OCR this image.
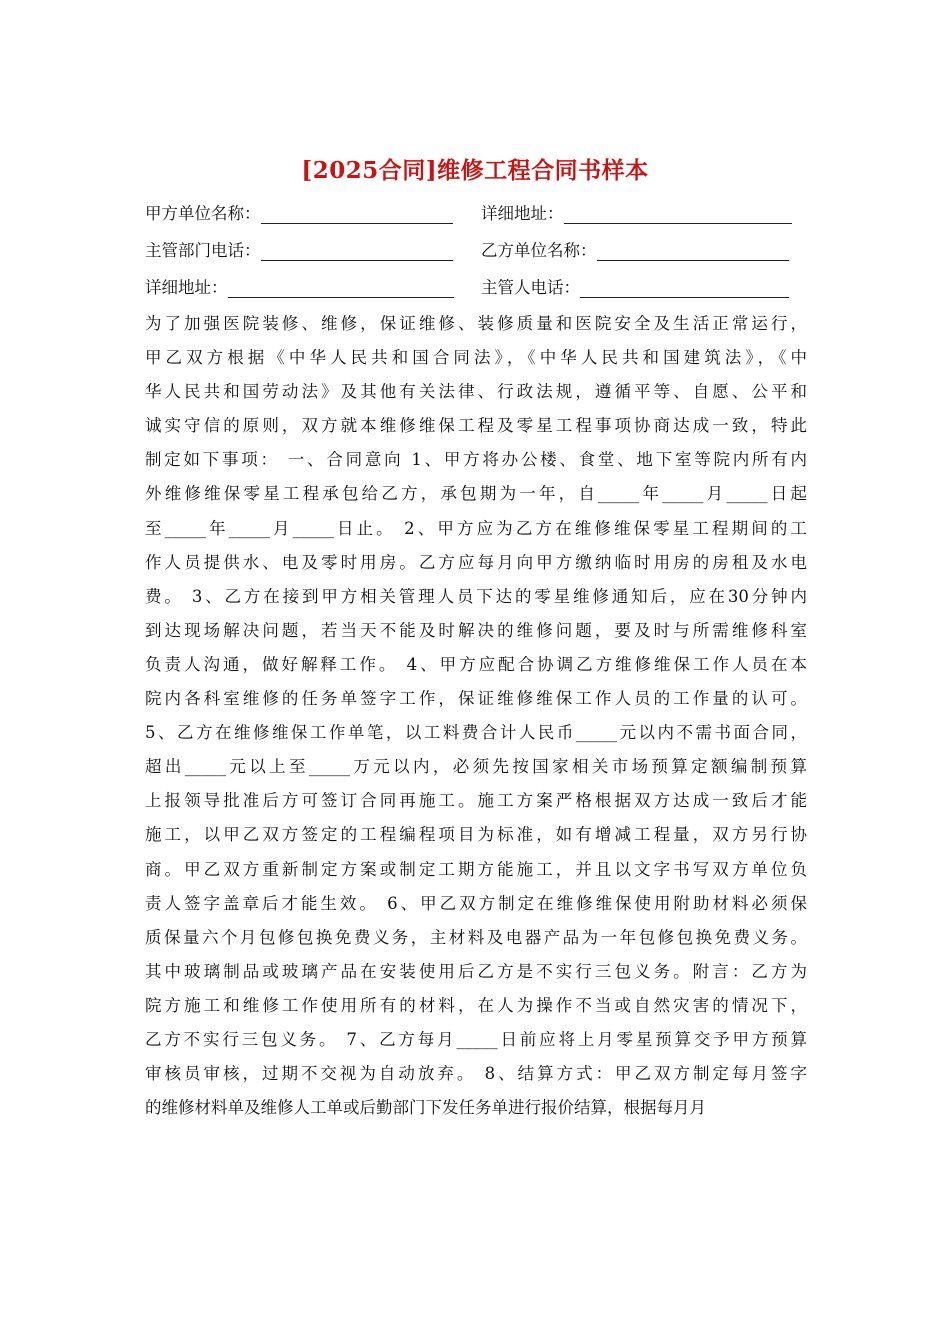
[2025合同]维修工程合同书样本
甲方单位名称：	详细地址：
主管部门电话：	乙方单位名称：
详细地址：	主管人电话：
为了加强医院装修、维修，保证维修、装修质量和医院安全及生活正常运行，
甲乙双方根据《中华人民共和国合同法》，《中华人民共和国建筑法》，《中
华人民共和国劳动法》及其他有关法律、行政法规，遵循平等、自愿、公平和
诚实守信的原则，双方就本维修维保工程及零星工程事项协商达成一致，特此
制定如下事项： 一、合同意向 1、甲方将办公楼、食堂、地下室等院内所有内
外维修维保零星工程承包给乙方，承包期为一年，自_____年_____月_____日起
至_____年_____月_____日止。 2、甲方应为乙方在维修维保零星工程期间的工
作人员提供水、电及零时用房。乙方应每月向甲方缴纳临时用房的房租及水电
费。 3、乙方在接到甲方相关管理人员下达的零星维修通知后，应在30分钟内
到达现场解决问题，若当天不能及时解决的维修问题，要及时与所需维修科室
负责人沟通，做好解释工作。 4、甲方应配合协调乙方维修维保工作人员在本
院内各科室维修的任务单签字工作，保证维修维保工作人员的工作量的认可。
5、乙方在维修维保工作单笔，以工料费合计人民币_____元以内不需书面合同，
超出_____元以上至_____万元以内，必须先按国家相关市场预算定额编制预算
上报领导批准后方可签订合同再施工。施工方案严格根据双方达成一致后才能
施工，以甲乙双方签定的工程编程项目为标准，如有增减工程量，双方另行协
商。甲乙双方重新制定方案或制定工期方能施工，并且以文字书写双方单位负
责人签字盖章后才能生效。 6、甲乙双方制定在维修维保使用附助材料必须保
质保量六个月包修包换免费义务，主材料及电器产品为一年包修包换免费义务。
其中玻璃制品或玻璃产品在安装使用后乙方是不实行三包义务。附言：乙方为
院方施工和维修工作使用所有的材料，在人为操作不当或自然灾害的情况下，
乙方不实行三包义务。 7、乙方每月_____日前应将上月零星预算交予甲方预算
审核员审核，过期不交视为自动放弃。 8、结算方式：甲乙双方制定每月签字
的维修材料单及维修人工单或后勤部门下发任务单进行报价结算，根据每月月
